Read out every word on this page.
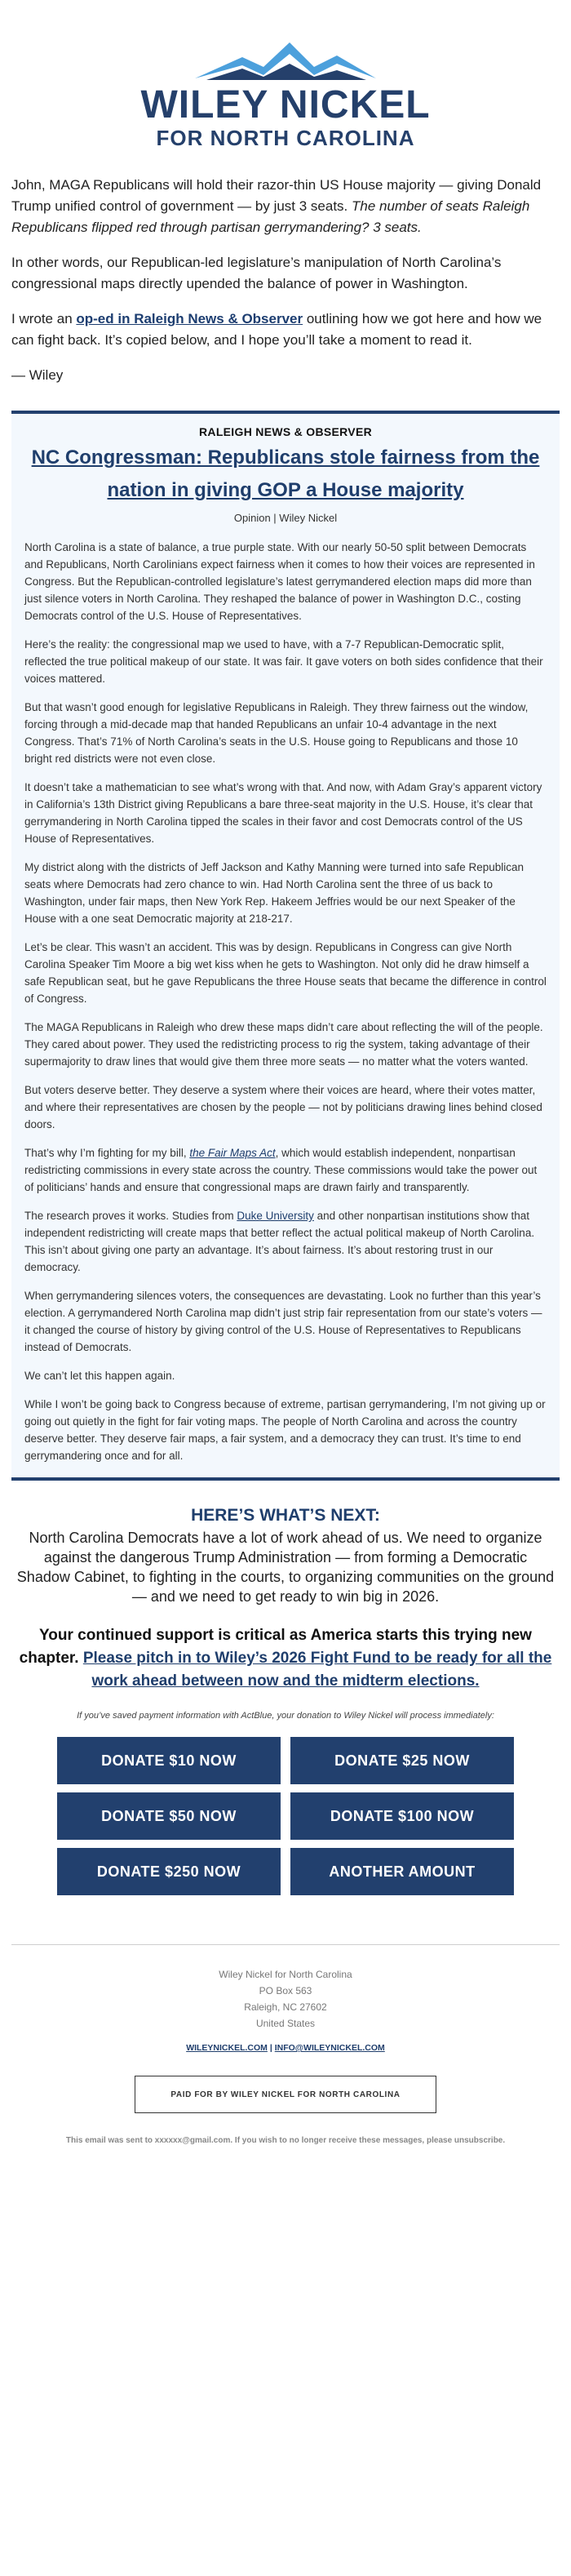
WILEY NICKEL
FOR NORTH CAROLINA

John, MAGA Republicans will hold their razor-thin US House majority — giving Donald Trump unified control of government — by just 3 seats. The number of seats Raleigh Republicans flipped red through partisan gerrymandering? 3 seats.

In other words, our Republican-led legislature’s manipulation of North Carolina’s congressional maps directly upended the balance of power in Washington.

I wrote an op-ed in Raleigh News & Observer outlining how we got here and how we can fight back. It’s copied below, and I hope you’ll take a moment to read it.

— Wiley

RALEIGH NEWS & OBSERVER
NC Congressman: Republicans stole fairness from the nation in giving GOP a House majority
Opinion | Wiley Nickel

North Carolina is a state of balance, a true purple state. With our nearly 50-50 split between Democrats and Republicans, North Carolinians expect fairness when it comes to how their voices are represented in Congress. But the Republican-controlled legislature’s latest gerrymandered election maps did more than just silence voters in North Carolina. They reshaped the balance of power in Washington D.C., costing Democrats control of the U.S. House of Representatives.

Here’s the reality: the congressional map we used to have, with a 7-7 Republican-Democratic split, reflected the true political makeup of our state. It was fair. It gave voters on both sides confidence that their voices mattered.

But that wasn’t good enough for legislative Republicans in Raleigh. They threw fairness out the window, forcing through a mid-decade map that handed Republicans an unfair 10-4 advantage in the next Congress. That’s 71% of North Carolina’s seats in the U.S. House going to Republicans and those 10 bright red districts were not even close.

It doesn’t take a mathematician to see what’s wrong with that. And now, with Adam Gray’s apparent victory in California’s 13th District giving Republicans a bare three-seat majority in the U.S. House, it’s clear that gerrymandering in North Carolina tipped the scales in their favor and cost Democrats control of the US House of Representatives.

My district along with the districts of Jeff Jackson and Kathy Manning were turned into safe Republican seats where Democrats had zero chance to win. Had North Carolina sent the three of us back to Washington, under fair maps, then New York Rep. Hakeem Jeffries would be our next Speaker of the House with a one seat Democratic majority at 218-217.

Let’s be clear. This wasn’t an accident. This was by design. Republicans in Congress can give North Carolina Speaker Tim Moore a big wet kiss when he gets to Washington. Not only did he draw himself a safe Republican seat, but he gave Republicans the three House seats that became the difference in control of Congress.

The MAGA Republicans in Raleigh who drew these maps didn’t care about reflecting the will of the people. They cared about power. They used the redistricting process to rig the system, taking advantage of their supermajority to draw lines that would give them three more seats — no matter what the voters wanted.

But voters deserve better. They deserve a system where their voices are heard, where their votes matter, and where their representatives are chosen by the people — not by politicians drawing lines behind closed doors.

That’s why I’m fighting for my bill, the Fair Maps Act, which would establish independent, nonpartisan redistricting commissions in every state across the country. These commissions would take the power out of politicians’ hands and ensure that congressional maps are drawn fairly and transparently.

The research proves it works. Studies from Duke University and other nonpartisan institutions show that independent redistricting will create maps that better reflect the actual political makeup of North Carolina. This isn’t about giving one party an advantage. It’s about fairness. It’s about restoring trust in our democracy.

When gerrymandering silences voters, the consequences are devastating. Look no further than this year’s election. A gerrymandered North Carolina map didn’t just strip fair representation from our state’s voters — it changed the course of history by giving control of the U.S. House of Representatives to Republicans instead of Democrats.

We can’t let this happen again.

While I won’t be going back to Congress because of extreme, partisan gerrymandering, I’m not giving up or going out quietly in the fight for fair voting maps. The people of North Carolina and across the country deserve better. They deserve fair maps, a fair system, and a democracy they can trust. It’s time to end gerrymandering once and for all.

HERE’S WHAT’S NEXT:
North Carolina Democrats have a lot of work ahead of us. We need to organize against the dangerous Trump Administration — from forming a Democratic Shadow Cabinet, to fighting in the courts, to organizing communities on the ground — and we need to get ready to win big in 2026.
Your continued support is critical as America starts this trying new chapter. Please pitch in to Wiley’s 2026 Fight Fund to be ready for all the work ahead between now and the midterm elections.
If you’ve saved payment information with ActBlue, your donation to Wiley Nickel will process immediately:
DONATE $10 NOW	DONATE $25 NOW
DONATE $50 NOW	DONATE $100 NOW
DONATE $250 NOW	ANOTHER AMOUNT
Wiley Nickel for North Carolina
PO Box 563
Raleigh, NC 27602
United States
WILEYNICKEL.COM | INFO@WILEYNICKEL.COM
PAID FOR BY WILEY NICKEL FOR NORTH CAROLINA
This email was sent to xxxxxx@gmail.com. If you wish to no longer receive these messages, please unsubscribe.
